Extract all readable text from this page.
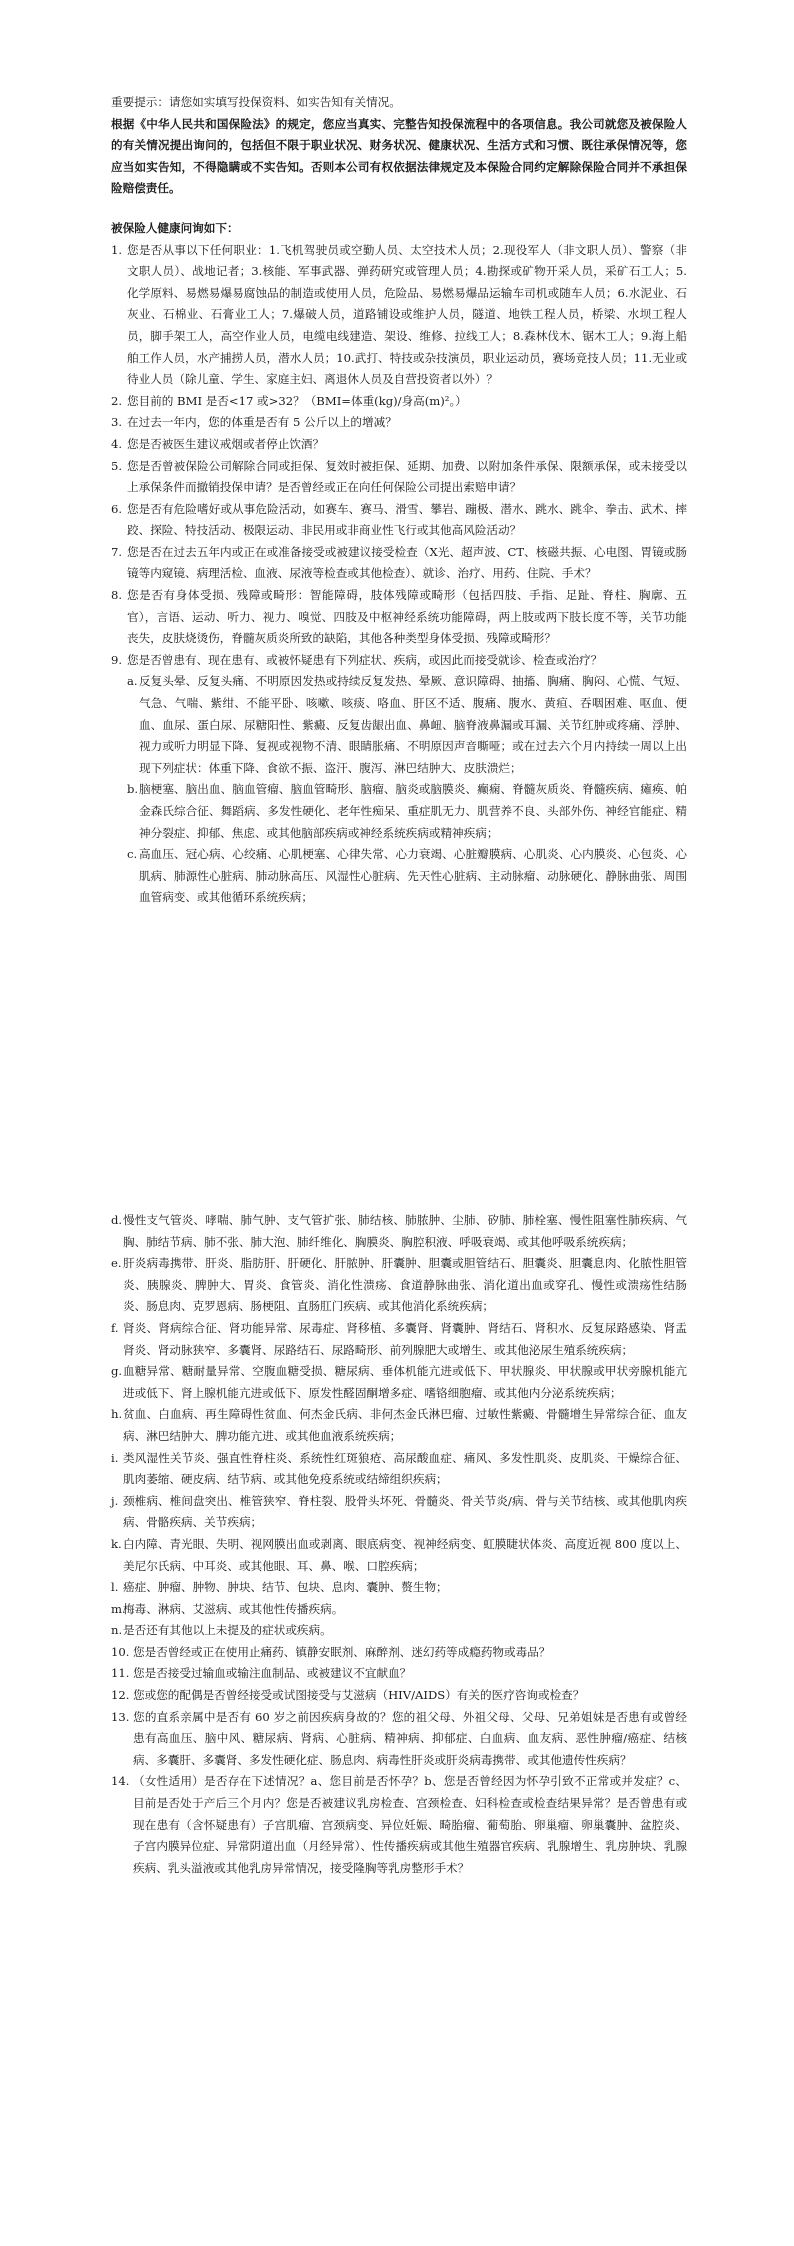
重要提示：请您如实填写投保资料、如实告知有关情况。

根据《中华人民共和国保险法》的规定，您应当真实、完整告知投保流程中的各项信息。我公司就您及被保险人的有关情况提出询问的，包括但不限于职业状况、财务状况、健康状况、生活方式和习惯、既往承保情况等，您应当如实告知，不得隐瞒或不实告知。否则本公司有权依据法律规定及本保险合同约定解除保险合同并不承担保险赔偿责任。

被保险人健康问询如下：

1. 您是否从事以下任何职业：1.飞机驾驶员或空勤人员、太空技术人员；2.现役军人（非文职人员）、警察（非文职人员）、战地记者；3.核能、军事武器、弹药研究或管理人员；4.勘探或矿物开采人员，采矿石工人；5.化学原料、易燃易爆易腐蚀品的制造或使用人员，危险品、易燃易爆品运输车司机或随车人员；6.水泥业、石灰业、石棉业、石膏业工人；7.爆破人员，道路铺设或维护人员，隧道、地铁工程人员，桥梁、水坝工程人员，脚手架工人，高空作业人员，电缆电线建造、架设、维修、拉线工人；8.森林伐木、锯木工人；9.海上船舶工作人员，水产捕捞人员，潜水人员；10.武打、特技或杂技演员，职业运动员，赛场竞技人员；11.无业或待业人员（除儿童、学生、家庭主妇、离退休人员及自营投资者以外）？
2. 您目前的 BMI 是否<17 或>32？（BMI=体重(kg)/身高(m)²。）
3. 在过去一年内，您的体重是否有 5 公斤以上的增减？
4. 您是否被医生建议戒烟或者停止饮酒？
5. 您是否曾被保险公司解除合同或拒保、复效时被拒保、延期、加费、以附加条件承保、限额承保，或未接受以上承保条件而撤销投保申请？是否曾经或正在向任何保险公司提出索赔申请？
6. 您是否有危险嗜好或从事危险活动，如赛车、赛马、滑雪、攀岩、蹦极、潜水、跳水、跳伞、拳击、武术、摔跤、探险、特技活动、极限运动、非民用或非商业性飞行或其他高风险活动？
7. 您是否在过去五年内或正在或准备接受或被建议接受检查（X光、超声波、CT、核磁共振、心电图、胃镜或肠镜等内窥镜、病理活检、血液、尿液等检查或其他检查）、就诊、治疗、用药、住院、手术？
8. 您是否有身体受损、残障或畸形：智能障碍，肢体残障或畸形（包括四肢、手指、足趾、脊柱、胸廓、五官），言语、运动、听力、视力、嗅觉、四肢及中枢神经系统功能障碍，两上肢或两下肢长度不等，关节功能丧失，皮肤烧烫伤，脊髓灰质炎所致的缺陷，其他各种类型身体受损、残障或畸形？
9. 您是否曾患有、现在患有、或被怀疑患有下列症状、疾病，或因此而接受就诊、检查或治疗？
a. 反复头晕、反复头痛、不明原因发热或持续反复发热、晕厥、意识障碍、抽搐、胸痛、胸闷、心慌、气短、气急、气喘、紫绀、不能平卧、咳嗽、咳痰、咯血、肝区不适、腹痛、腹水、黄疸、吞咽困难、呕血、便血、血尿、蛋白尿、尿糖阳性、紫癜、反复齿龈出血、鼻衄、脑脊液鼻漏或耳漏、关节红肿或疼痛、浮肿、视力或听力明显下降、复视或视物不清、眼睛胀痛、不明原因声音嘶哑；或在过去六个月内持续一周以上出现下列症状：体重下降、食欲不振、盗汗、腹泻、淋巴结肿大、皮肤溃烂；
b. 脑梗塞、脑出血、脑血管瘤、脑血管畸形、脑瘤、脑炎或脑膜炎、癫痫、脊髓灰质炎、脊髓疾病、瘫痪、帕金森氏综合征、舞蹈病、多发性硬化、老年性痴呆、重症肌无力、肌营养不良、头部外伤、神经官能症、精神分裂症、抑郁、焦虑、或其他脑部疾病或神经系统疾病或精神疾病；
c. 高血压、冠心病、心绞痛、心肌梗塞、心律失常、心力衰竭、心脏瓣膜病、心肌炎、心内膜炎、心包炎、心肌病、肺源性心脏病、肺动脉高压、风湿性心脏病、先天性心脏病、主动脉瘤、动脉硬化、静脉曲张、周围血管病变、或其他循环系统疾病；
d. 慢性支气管炎、哮喘、肺气肿、支气管扩张、肺结核、肺脓肿、尘肺、矽肺、肺栓塞、慢性阻塞性肺疾病、气胸、肺结节病、肺不张、肺大泡、肺纤维化、胸膜炎、胸腔积液、呼吸衰竭、或其他呼吸系统疾病；
e. 肝炎病毒携带、肝炎、脂肪肝、肝硬化、肝脓肿、肝囊肿、胆囊或胆管结石、胆囊炎、胆囊息肉、化脓性胆管炎、胰腺炎、脾肿大、胃炎、食管炎、消化性溃疡、食道静脉曲张、消化道出血或穿孔、慢性或溃疡性结肠炎、肠息肉、克罗恩病、肠梗阻、直肠肛门疾病、或其他消化系统疾病；
f. 肾炎、肾病综合征、肾功能异常、尿毒症、肾移植、多囊肾、肾囊肿、肾结石、肾积水、反复尿路感染、肾盂肾炎、肾动脉狭窄、多囊肾、尿路结石、尿路畸形、前列腺肥大或增生、或其他泌尿生殖系统疾病；
g. 血糖异常、糖耐量异常、空腹血糖受损、糖尿病、垂体机能亢进或低下、甲状腺炎、甲状腺或甲状旁腺机能亢进或低下、肾上腺机能亢进或低下、原发性醛固酮增多症、嗜铬细胞瘤、或其他内分泌系统疾病；
h. 贫血、白血病、再生障碍性贫血、何杰金氏病、非何杰金氏淋巴瘤、过敏性紫癜、骨髓增生异常综合征、血友病、淋巴结肿大、脾功能亢进、或其他血液系统疾病；
i. 类风湿性关节炎、强直性脊柱炎、系统性红斑狼疮、高尿酸血症、痛风、多发性肌炎、皮肌炎、干燥综合征、肌肉萎缩、硬皮病、结节病、或其他免疫系统或结缔组织疾病；
j. 颈椎病、椎间盘突出、椎管狭窄、脊柱裂、股骨头坏死、骨髓炎、骨关节炎/病、骨与关节结核、或其他肌肉疾病、骨骼疾病、关节疾病；
k. 白内障、青光眼、失明、视网膜出血或剥离、眼底病变、视神经病变、虹膜睫状体炎、高度近视 800 度以上、美尼尔氏病、中耳炎、或其他眼、耳、鼻、喉、口腔疾病；
l. 癌症、肿瘤、肿物、肿块、结节、包块、息肉、囊肿、赘生物；
m.
梅毒、淋病、艾滋病、或其他性传播疾病。
n. 是否还有其他以上未提及的症状或疾病。
10. 您是否曾经或正在使用止痛药、镇静安眠剂、麻醉剂、迷幻药等成瘾药物或毒品？
11. 您是否接受过输血或输注血制品、或被建议不宜献血？
12. 您或您的配偶是否曾经接受或试图接受与艾滋病（HIV/AIDS）有关的医疗咨询或检查？
13. 您的直系亲属中是否有 60 岁之前因疾病身故的？您的祖父母、外祖父母、父母、兄弟姐妹是否患有或曾经患有高血压、脑中风、糖尿病、肾病、心脏病、精神病、抑郁症、白血病、血友病、恶性肿瘤/癌症、结核病、多囊肝、多囊肾、多发性硬化症、肠息肉、病毒性肝炎或肝炎病毒携带、或其他遗传性疾病？
14. （女性适用）是否存在下述情况？a、您目前是否怀孕？b、您是否曾经因为怀孕引致不正常或并发症？c、目前是否处于产后三个月内？您是否被建议乳房检查、宫颈检查、妇科检查或检查结果异常？是否曾患有或现在患有（含怀疑患有）子宫肌瘤、宫颈病变、异位妊娠、畸胎瘤、葡萄胎、卵巢瘤、卵巢囊肿、盆腔炎、子宫内膜异位症、异常阴道出血（月经异常）、性传播疾病或其他生殖器官疾病、乳腺增生、乳房肿块、乳腺疾病、乳头溢液或其他乳房异常情况，接受隆胸等乳房整形手术？
